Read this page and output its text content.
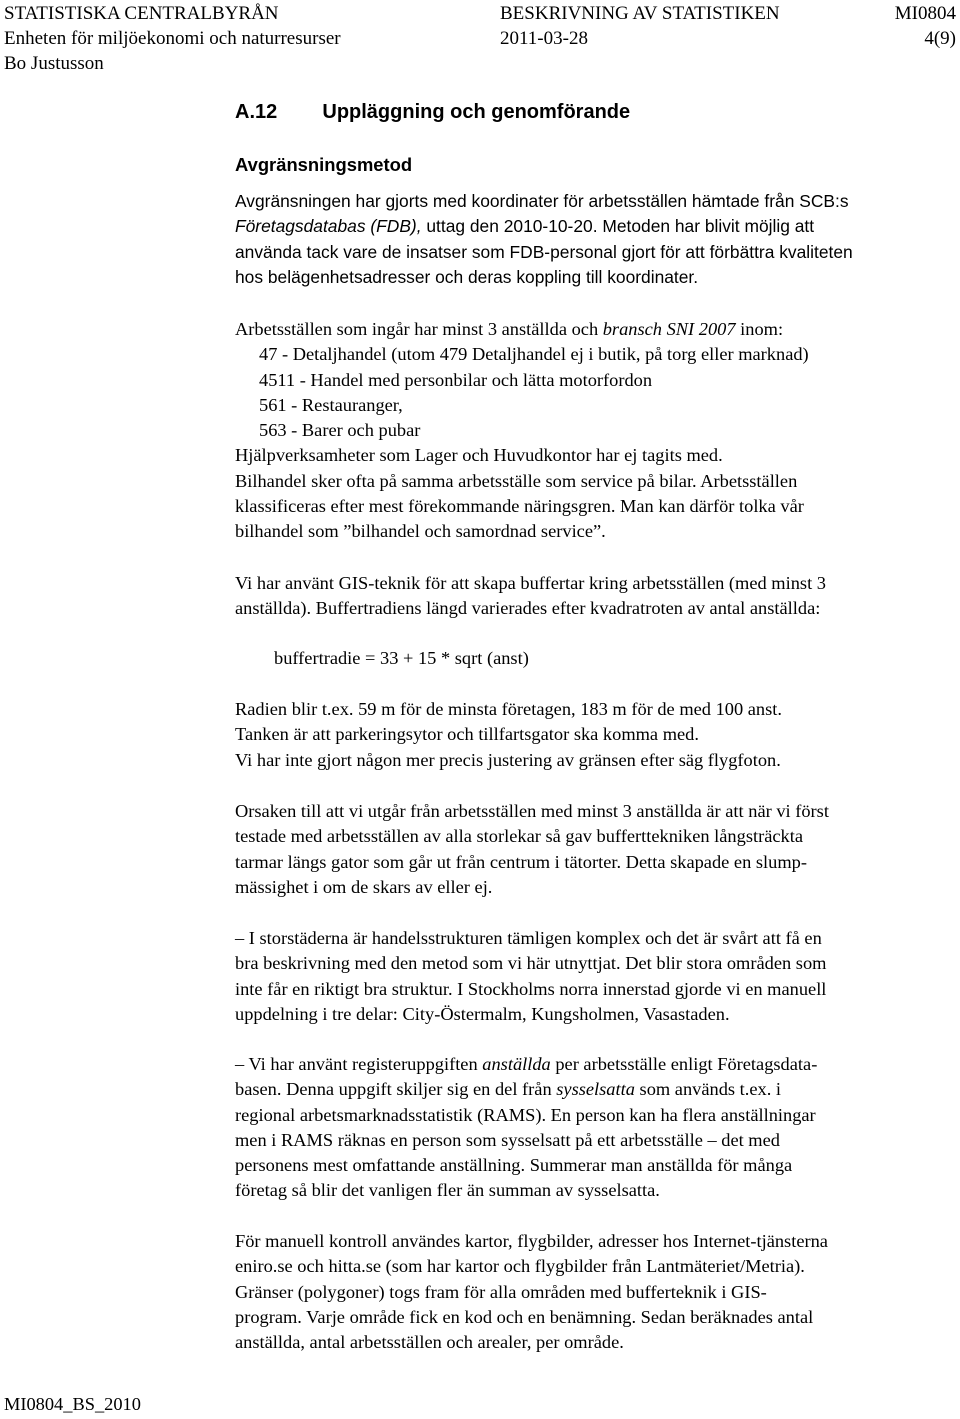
STATISTISKA CENTRALBYRÅN	BESKRIVNING AV STATISTIKEN	MI0804
Enheten för miljöekonomi och naturresurser	2011-03-28	4(9)
Bo Justusson
A.12 Uppläggning och genomförande
Avgränsningsmetod
Avgränsningen har gjorts med koordinater för arbetsställen hämtade från SCB:s
Företagsdatabas (FDB), uttag den 2010-10-20. Metoden har blivit möjlig att
använda tack vare de insatser som FDB-personal gjort för att förbättra kvaliteten
hos belägenhetsadresser och deras koppling till koordinater.
Arbetsställen som ingår har minst 3 anställda och bransch SNI 2007 inom:
47 - Detaljhandel (utom 479 Detaljhandel ej i butik, på torg eller marknad)
4511 - Handel med personbilar och lätta motorfordon
561 - Restauranger,
563 - Barer och pubar
Hjälpverksamheter som Lager och Huvudkontor har ej tagits med.
Bilhandel sker ofta på samma arbetsställe som service på bilar. Arbetsställen
klassificeras efter mest förekommande näringsgren. Man kan därför tolka vår
bilhandel som ”bilhandel och samordnad service”.
Vi har använt GIS-teknik för att skapa buffertar kring arbetsställen (med minst 3
anställda). Buffertradiens längd varierades efter kvadratroten av antal anställda:
buffertradie = 33 + 15 * sqrt (anst)
Radien blir t.ex. 59 m för de minsta företagen, 183 m för de med 100 anst.
Tanken är att parkeringsytor och tillfartsgator ska komma med.
Vi har inte gjort någon mer precis justering av gränsen efter säg flygfoton.
Orsaken till att vi utgår från arbetsställen med minst 3 anställda är att när vi först
testade med arbetsställen av alla storlekar så gav bufferttekniken långsträckta
tarmar längs gator som går ut från centrum i tätorter. Detta skapade en slump-
mässighet i om de skars av eller ej.
– I storstäderna är handelsstrukturen tämligen komplex och det är svårt att få en
bra beskrivning med den metod som vi här utnyttjat. Det blir stora områden som
inte får en riktigt bra struktur. I Stockholms norra innerstad gjorde vi en manuell
uppdelning i tre delar: City-Östermalm, Kungsholmen, Vasastaden.
– Vi har använt registeruppgiften anställda per arbetsställe enligt Företagsdata-
basen. Denna uppgift skiljer sig en del från sysselsatta som används t.ex. i
regional arbetsmarknadsstatistik (RAMS). En person kan ha flera anställningar
men i RAMS räknas en person som sysselsatt på ett arbetsställe – det med
personens mest omfattande anställning. Summerar man anställda för många
företag så blir det vanligen fler än summan av sysselsatta.
För manuell kontroll användes kartor, flygbilder, adresser hos Internet-tjänsterna
eniro.se och hitta.se (som har kartor och flygbilder från Lantmäteriet/Metria).
Gränser (polygoner) togs fram för alla områden med bufferteknik i GIS-
program. Varje område fick en kod och en benämning. Sedan beräknades antal
anställda, antal arbetsställen och arealer, per område.
MI0804_BS_2010
